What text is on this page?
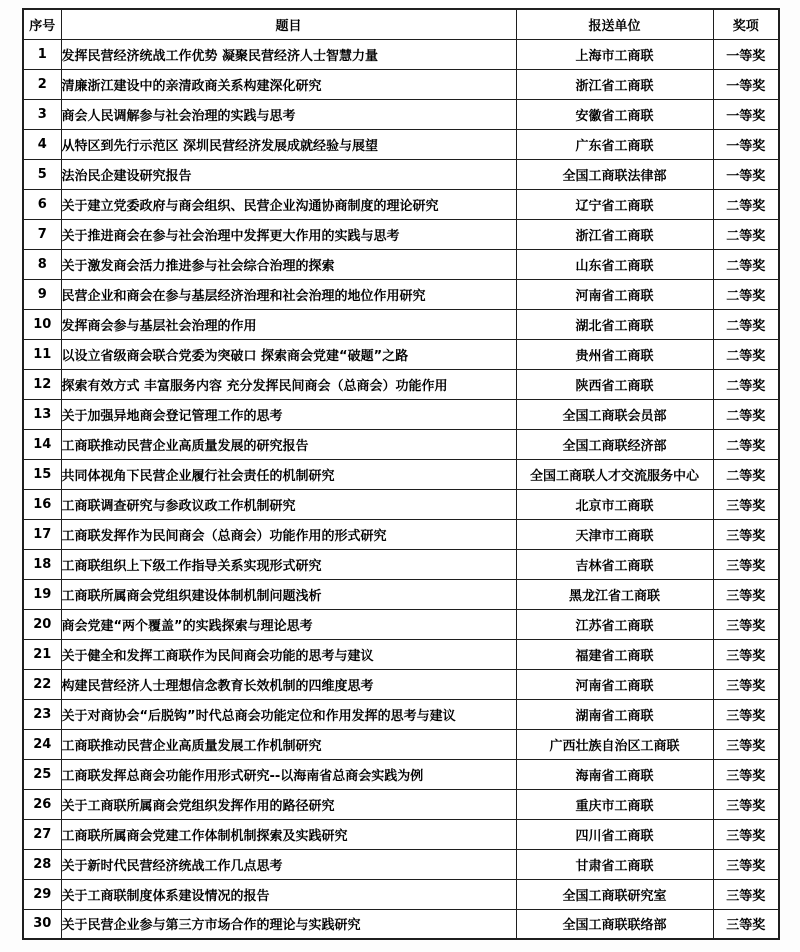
序号	题目	报送单位	奖项
1	发挥民营经济统战工作优势 凝聚民营经济人士智慧力量	上海市工商联	一等奖
2	清廉浙江建设中的亲清政商关系构建深化研究	浙江省工商联	一等奖
3	商会人民调解参与社会治理的实践与思考	安徽省工商联	一等奖
4	从特区到先行示范区 深圳民营经济发展成就经验与展望	广东省工商联	一等奖
5	法治民企建设研究报告	全国工商联法律部	一等奖
6	关于建立党委政府与商会组织、民营企业沟通协商制度的理论研究	辽宁省工商联	二等奖
7	关于推进商会在参与社会治理中发挥更大作用的实践与思考	浙江省工商联	二等奖
8	关于激发商会活力推进参与社会综合治理的探索	山东省工商联	二等奖
9	民营企业和商会在参与基层经济治理和社会治理的地位作用研究	河南省工商联	二等奖
10	发挥商会参与基层社会治理的作用	湖北省工商联	二等奖
11	以设立省级商会联合党委为突破口 探索商会党建“破题”之路	贵州省工商联	二等奖
12	探索有效方式 丰富服务内容 充分发挥民间商会（总商会）功能作用	陕西省工商联	二等奖
13	关于加强异地商会登记管理工作的思考	全国工商联会员部	二等奖
14	工商联推动民营企业高质量发展的研究报告	全国工商联经济部	二等奖
15	共同体视角下民营企业履行社会责任的机制研究	全国工商联人才交流服务中心	二等奖
16	工商联调查研究与参政议政工作机制研究	北京市工商联	三等奖
17	工商联发挥作为民间商会（总商会）功能作用的形式研究	天津市工商联	三等奖
18	工商联组织上下级工作指导关系实现形式研究	吉林省工商联	三等奖
19	工商联所属商会党组织建设体制机制问题浅析	黑龙江省工商联	三等奖
20	商会党建“两个覆盖”的实践探索与理论思考	江苏省工商联	三等奖
21	关于健全和发挥工商联作为民间商会功能的思考与建议	福建省工商联	三等奖
22	构建民营经济人士理想信念教育长效机制的四维度思考	河南省工商联	三等奖
23	关于对商协会“后脱钩”时代总商会功能定位和作用发挥的思考与建议	湖南省工商联	三等奖
24	工商联推动民营企业高质量发展工作机制研究	广西壮族自治区工商联	三等奖
25	工商联发挥总商会功能作用形式研究--以海南省总商会实践为例	海南省工商联	三等奖
26	关于工商联所属商会党组织发挥作用的路径研究	重庆市工商联	三等奖
27	工商联所属商会党建工作体制机制探索及实践研究	四川省工商联	三等奖
28	关于新时代民营经济统战工作几点思考	甘肃省工商联	三等奖
29	关于工商联制度体系建设情况的报告	全国工商联研究室	三等奖
30	关于民营企业参与第三方市场合作的理论与实践研究	全国工商联联络部	三等奖
